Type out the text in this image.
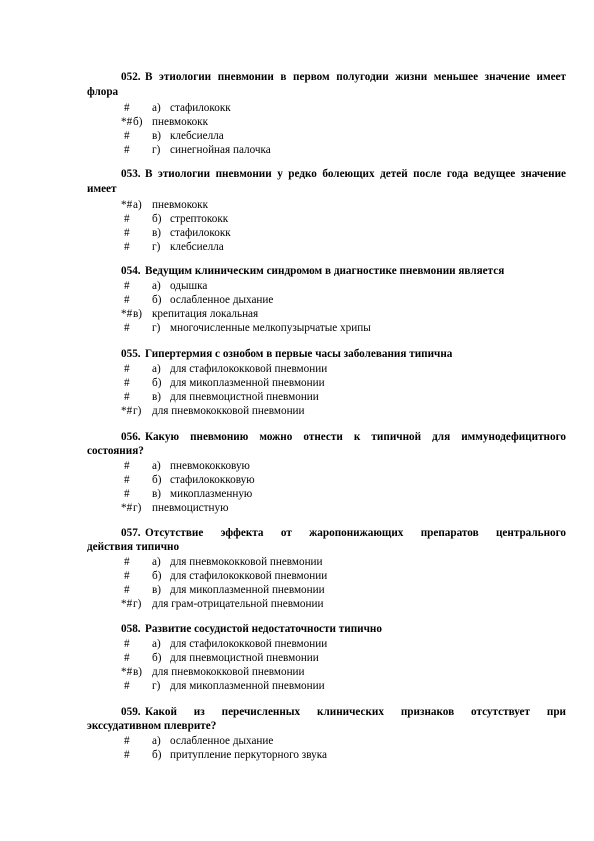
052. В этиологии пневмонии в первом полугодии жизни меньшее значение имеет
флора
# а) стафилококк
*# б) пневмококк
# в) клебсиелла
# г) синегнойная палочка
053. В этиологии пневмонии у редко болеющих детей после года ведущее значение
имеет
*# а) пневмококк
# б) стрептококк
# в) стафилококк
# г) клебсиелла
054. Ведущим клиническим синдромом в диагностике пневмонии является
# а) одышка
# б) ослабленное дыхание
*# в) крепитация локальная
# г) многочисленные мелкопузырчатые хрипы
055. Гипертермия с ознобом в первые часы заболевания типична
# а) для стафилококковой пневмонии
# б) для микоплазменной пневмонии
# в) для пневмоцистной пневмонии
*# г) для пневмококковой пневмонии
056. Какую пневмонию можно отнести к типичной для иммунодефицитного
состояния?
# а) пневмококковую
# б) стафилококковую
# в) микоплазменную
*# г) пневмоцистную
057. Отсутствие эффекта от жаропонижающих препаратов центрального
действия типично
# а) для пневмококковой пневмонии
# б) для стафилококковой пневмонии
# в) для микоплазменной пневмонии
*# г) для грам-отрицательной пневмонии
058. Развитие сосудистой недостаточности типично
# а) для стафилококковой пневмонии
# б) для пневмоцистной пневмонии
*# в) для пневмококковой пневмонии
# г) для микоплазменной пневмонии
059. Какой из перечисленных клинических признаков отсутствует при
экссудативном плеврите?
# а) ослабленное дыхание
# б) притупление перкуторного звука
